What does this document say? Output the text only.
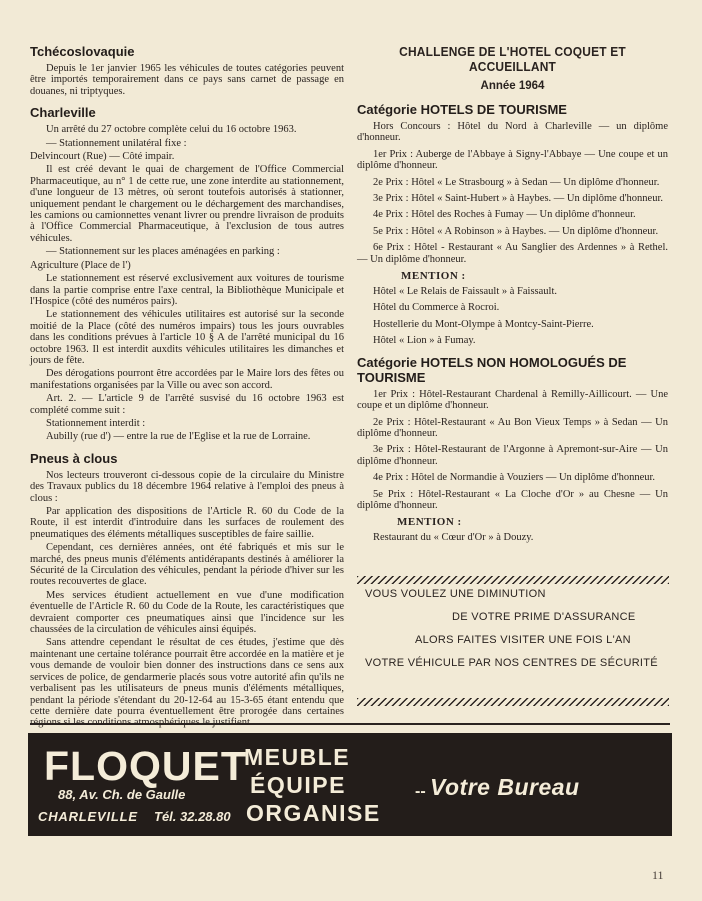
Tchécoslovaquie

Depuis le 1er janvier 1965 les véhicules de toutes catégories peuvent être importés temporairement dans ce pays sans carnet de passage en douanes, ni triptyques.

Charleville

Un arrêté du 27 octobre complète celui du 16 octobre 1963.

— Stationnement unilatéral fixe :

Delvincourt (Rue) — Côté impair.

Il est créé devant le quai de chargement de l'Office Commercial Pharmaceutique, au n° 1 de cette rue, une zone interdite au stationnement, d'une longueur de 13 mètres, où seront toutefois autorisés à stationner, uniquement pendant le chargement ou le déchargement des marchandises, les camions ou camionnettes venant livrer ou prendre livraison de produits à l'Office Commercial Pharmaceutique, à l'exclusion de tous autres véhicules.

— Stationnement sur les places aménagées en parking :

Agriculture (Place de l')

Le stationnement est réservé exclusivement aux voitures de tourisme dans la partie comprise entre l'axe central, la Bibliothèque Municipale et l'Hospice (côté des numéros pairs).

Le stationnement des véhicules utilitaires est autorisé sur la seconde moitié de la Place (côté des numéros impairs) tous les jours ouvrables dans les conditions prévues à l'article 10 § A de l'arrêté municipal du 16 octobre 1963. Il est interdit auxdits véhicules utilitaires les dimanches et jours de fête.

Des dérogations pourront être accordées par le Maire lors des fêtes ou manifestations organisées par la Ville ou avec son accord.

Art. 2. — L'article 9 de l'arrêté susvisé du 16 octobre 1963 est complété comme suit :

Stationnement interdit :

Aubilly (rue d') — entre la rue de l'Eglise et la rue de Lorraine.

Pneus à clous

Nos lecteurs trouveront ci-dessous copie de la circulaire du Ministre des Travaux publics du 18 décembre 1964 relative à l'emploi des pneus à clous :

Par application des dispositions de l'Article R. 60 du Code de la Route, il est interdit d'introduire dans les surfaces de roulement des pneumatiques des éléments métalliques susceptibles de faire saillie.

Cependant, ces dernières années, ont été fabriqués et mis sur le marché, des pneus munis d'éléments antidérapants destinés à améliorer la Sécurité de la Circulation des véhicules, pendant la période d'hiver sur les routes recouvertes de glace.

Mes services étudient actuellement en vue d'une modification éventuelle de l'Article R. 60 du Code de la Route, les caractéristiques que devraient comporter ces pneumatiques ainsi que l'incidence sur les chaussées de la circulation de véhicules ainsi équipés.

Sans attendre cependant le résultat de ces études, j'estime que dès maintenant une certaine tolérance pourrait être accordée en la matière et je vous demande de vouloir bien donner des instructions dans ce sens aux services de police, de gendarmerie placés sous votre autorité afin qu'ils ne verbalisent pas les utilisateurs de pneus munis d'éléments métalliques, pendant la période s'étendant du 20-12-64 au 15-3-65 étant entendu que cette dernière date pourra éventuellement être prorogée dans certaines

CHALLENGE DE L'HOTEL COQUET ET ACCUEILLANT
Année 1964
Catégorie HOTELS DE TOURISME

Hors Concours : Hôtel du Nord à Charleville — un diplôme d'honneur.

1er Prix : Auberge de l'Abbaye à Signy-l'Abbaye — Une coupe et un diplôme d'honneur.

2e Prix : Hôtel « Le Strasbourg » à Sedan — Un diplôme d'honneur.

3e Prix : Hôtel « Saint-Hubert » à Haybes. — Un diplôme d'honneur.

4e Prix : Hôtel des Roches à Fumay — Un diplôme d'honneur.

5e Prix : Hôtel « A Robinson » à Haybes. — Un diplôme d'honneur.

6e Prix : Hôtel - Restaurant « Au Sanglier des Ardennes » à Rethel. — Un diplôme d'honneur.

MENTION :

Hôtel « Le Relais de Faissault » à Faissault.

Hôtel du Commerce à Rocroi.

Hostellerie du Mont-Olympe à Montcy-Saint-Pierre.

Hôtel « Lion » à Fumay.

Catégorie HOTELS NON HOMOLOGUÉS DE TOURISME

1er Prix : Hôtel-Restaurant Chardenal à Remilly-Aillicourt. — Une coupe et un diplôme d'honneur.

2e Prix : Hôtel-Restaurant « Au Bon Vieux Temps » à Sedan — Un diplôme d'honneur.

3e Prix : Hôtel-Restaurant de l'Argonne à Apremont-sur-Aire — Un diplôme d'honneur.

4e Prix : Hôtel de Normandie à Vouziers — Un diplôme d'honneur.

5e Prix : Hôtel-Restaurant « La Cloche d'Or » au Chesne — Un diplôme d'honneur.

MENTION :

Restaurant du « Cœur d'Or » à Douzy.

VOUS VOULEZ UNE DIMINUTION
DE VOTRE PRIME D'ASSURANCE
ALORS FAITES VISITER UNE FOIS L'AN
VOTRE VÉHICULE PAR NOS CENTRES DE SÉCURITÉ
FLOQUET
88, Av. Ch. de Gaulle
CHARLEVILLE Tél. 32.28.80
MEUBLE
ÉQUIPE
ORGANISE
-- Votre Bureau
11
